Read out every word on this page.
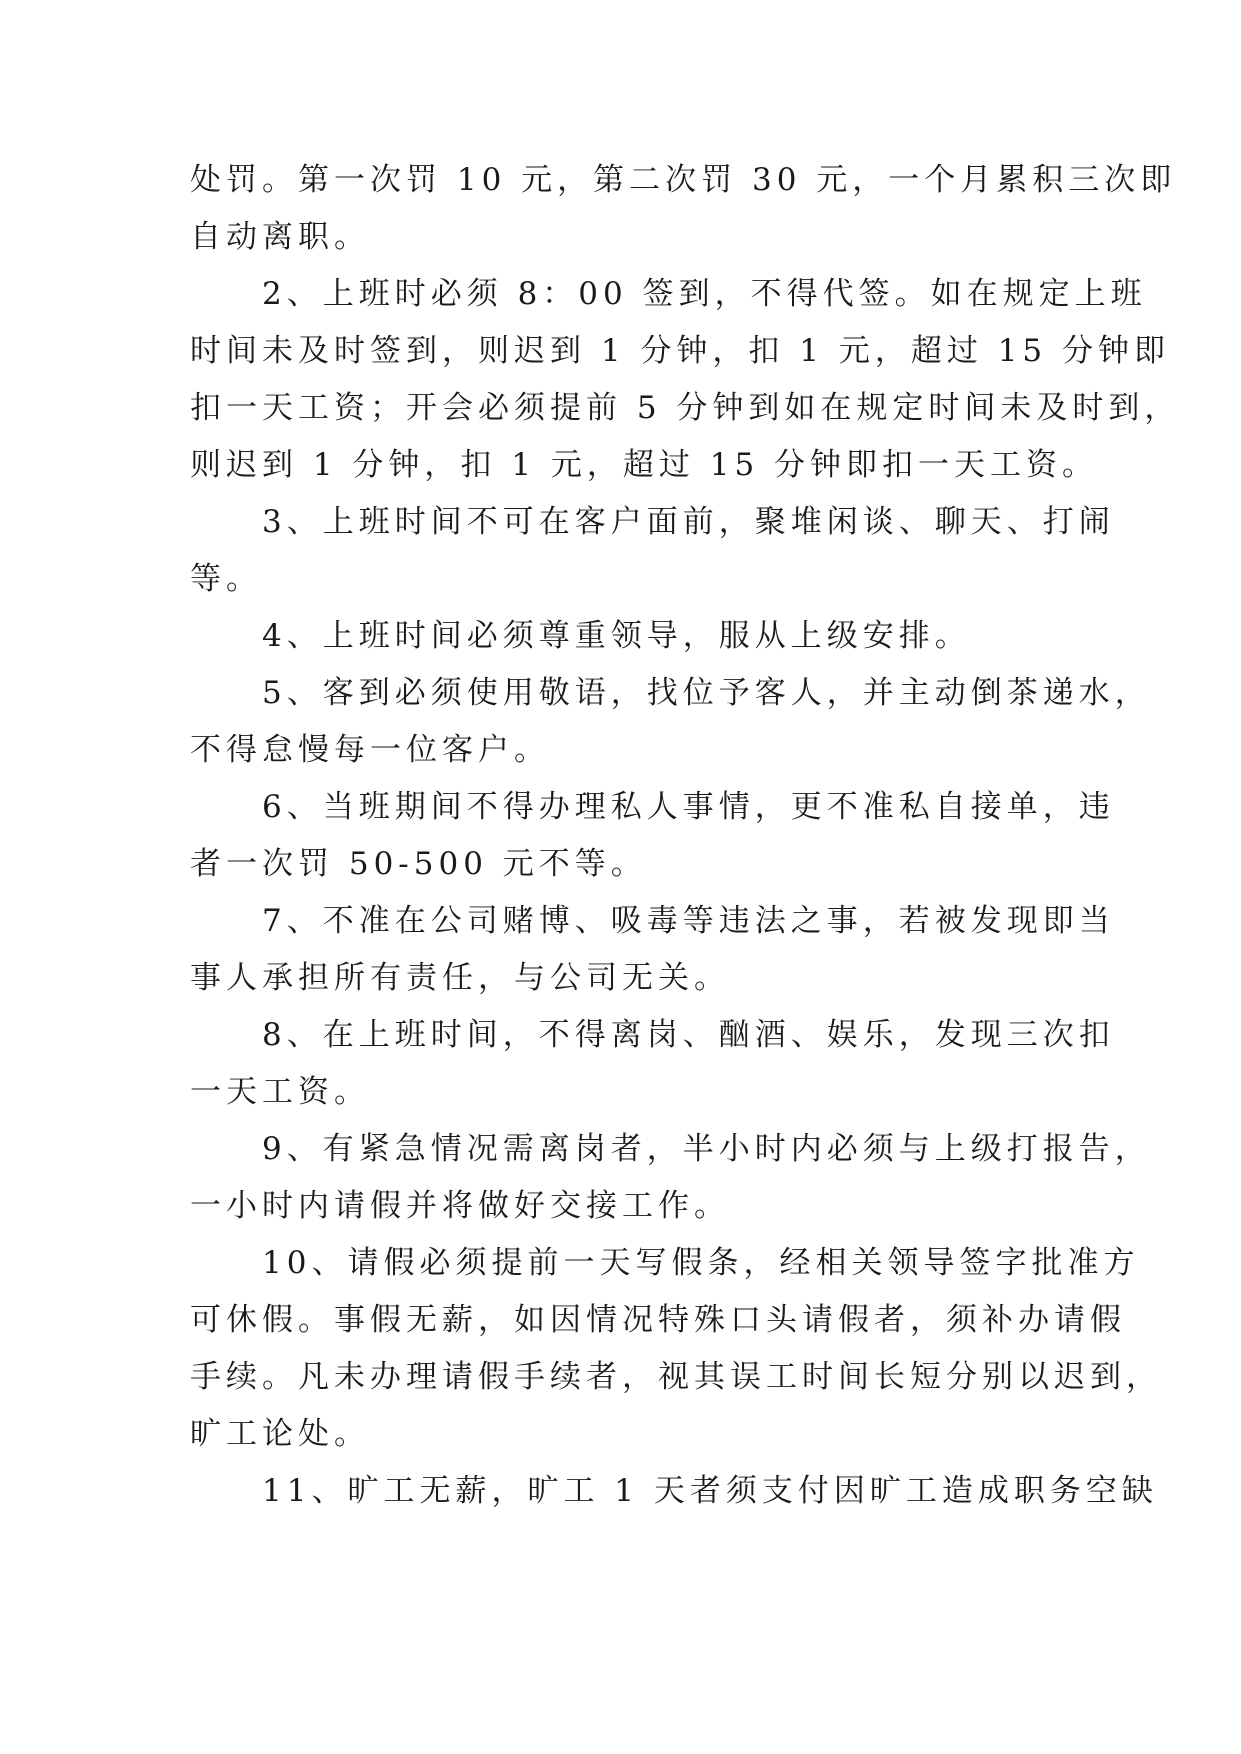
处罚。第一次罚 10 元，第二次罚 30 元，一个月累积三次即
自动离职。
　　2、上班时必须 8：00 签到，不得代签。如在规定上班
时间未及时签到，则迟到 1 分钟，扣 1 元，超过 15 分钟即
扣一天工资；开会必须提前 5 分钟到如在规定时间未及时到，
则迟到 1 分钟，扣 1 元，超过 15 分钟即扣一天工资。
　　3、上班时间不可在客户面前，聚堆闲谈、聊天、打闹
等。
　　4、上班时间必须尊重领导，服从上级安排。
　　5、客到必须使用敬语，找位予客人，并主动倒茶递水，
不得怠慢每一位客户。
　　6、当班期间不得办理私人事情，更不准私自接单，违
者一次罚 50-500 元不等。
　　7、不准在公司赌博、吸毒等违法之事，若被发现即当
事人承担所有责任，与公司无关。
　　8、在上班时间，不得离岗、酗酒、娱乐，发现三次扣
一天工资。
　　9、有紧急情况需离岗者，半小时内必须与上级打报告，
一小时内请假并将做好交接工作。
　　10、请假必须提前一天写假条，经相关领导签字批准方
可休假。事假无薪，如因情况特殊口头请假者，须补办请假
手续。凡未办理请假手续者，视其误工时间长短分别以迟到，
旷工论处。
　　11、旷工无薪，旷工 1 天者须支付因旷工造成职务空缺
